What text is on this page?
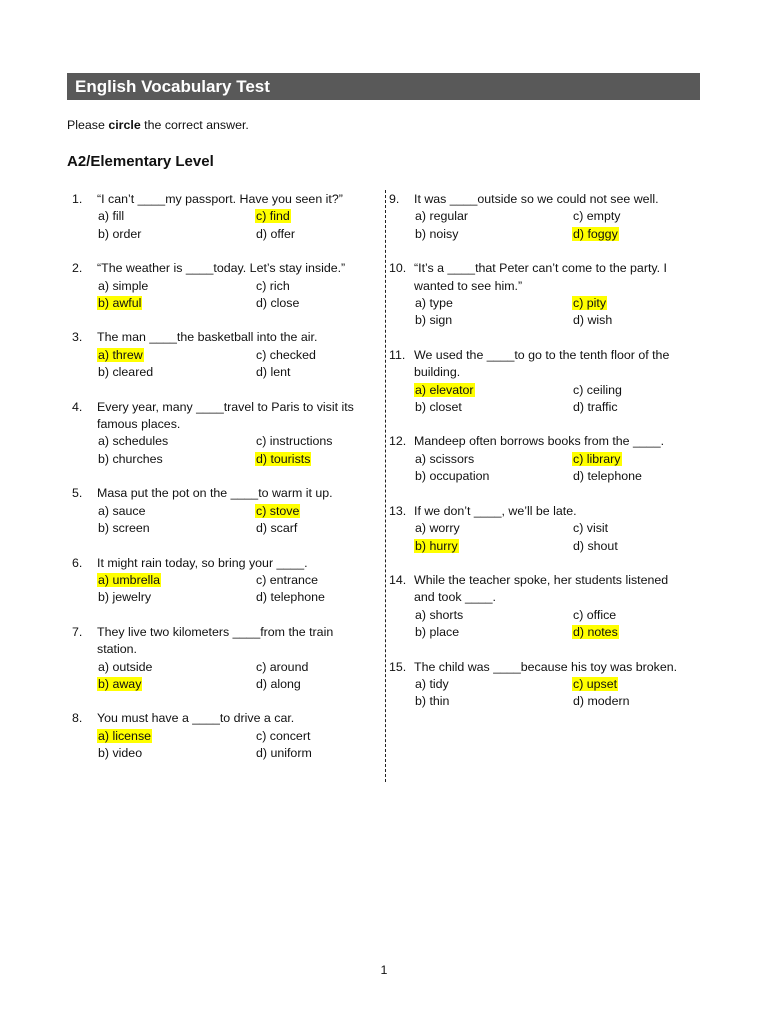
English Vocabulary Test
Please circle the correct answer.
A2/Elementary Level
1.	“I can’t ____my passport. Have you seen it?”
a) fill	c) find
b) order	d) offer
2.	“The weather is ____today. Let’s stay inside.”
a) simple	c) rich
b) awful	d) close
3.	The man ____the basketball into the air.
a) threw	c) checked
b) cleared	d) lent
4.	Every year, many ____travel to Paris to visit its famous places.
a) schedules	c) instructions
b) churches	d) tourists
5.	Masa put the pot on the ____to warm it up.
a) sauce	c) stove
b) screen	d) scarf
6.	It might rain today, so bring your ____.
a) umbrella	c) entrance
b) jewelry	d) telephone
7.	They live two kilometers ____from the train station.
a) outside	c) around
b) away	d) along
8.	You must have a ____to drive a car.
a) license	c) concert
b) video	d) uniform
9.	It was ____outside so we could not see well.
a) regular	c) empty
b) noisy	d) foggy
10. “It’s a ____that Peter can’t come to the party. I wanted to see him.”
a) type	c) pity
b) sign	d) wish
11. We used the ____to go to the tenth floor of the building.
a) elevator	c) ceiling
b) closet	d) traffic
12. Mandeep often borrows books from the ____.
a) scissors	c) library
b) occupation	d) telephone
13. If we don’t ____, we’ll be late.
a) worry	c) visit
b) hurry	d) shout
14. While the teacher spoke, her students listened and took ____.
a) shorts	c) office
b) place	d) notes
15. The child was ____because his toy was broken.
a) tidy	c) upset
b) thin	d) modern
1
